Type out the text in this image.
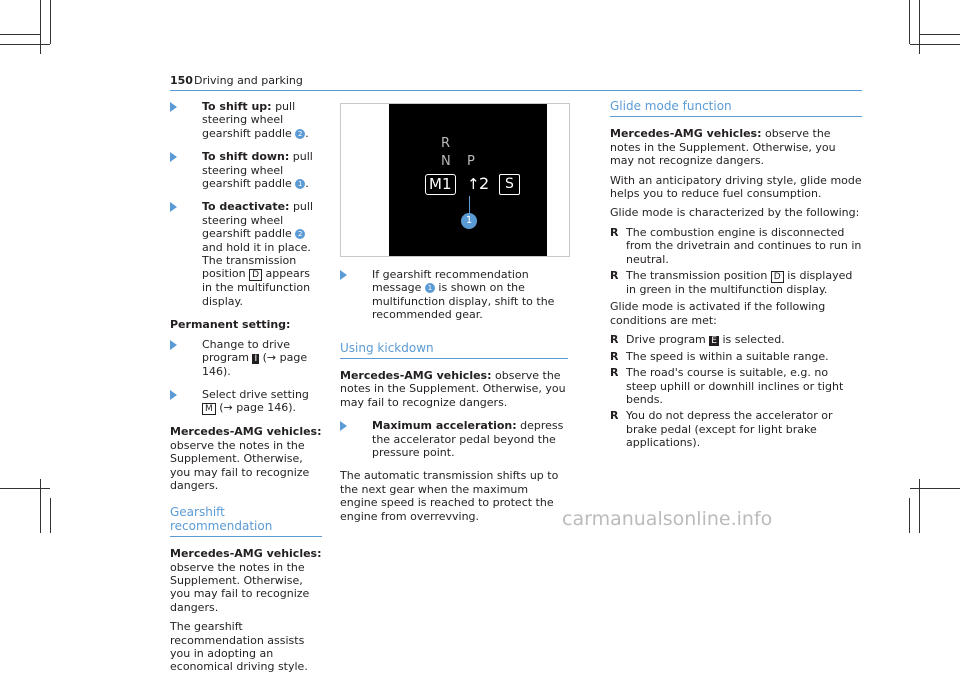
150 Driving and parking
To shift up: pull steering wheel gearshift paddle 2 .
To shift down: pull steering wheel gearshift paddle 1 .
To deactivate: pull steering wheel gearshift paddle 2 and hold it in place.
The transmission position D appears in the multifunction display.

Permanent setting:

Change to drive program I (→ page 146).
Select drive setting M (→ page 146).

Mercedes-AMG vehicles: observe the notes in the Supplement. Otherwise, you may fail to recognize dangers.

Gearshift recommendation

Mercedes-AMG vehicles: observe the notes in the Supplement. Otherwise, you may fail to recognize dangers.

The gearshift recommendation assists you in adopting an economical driving style.

R
N P
M1 ↑ 2	S
1
If gearshift recommendation message 1 is shown on the multifunction display, shift to the recommended gear.
Using kickdown

Mercedes-AMG vehicles: observe the notes in the Supplement. Otherwise, you may fail to recognize dangers.

Maximum acceleration: depress the accelerator pedal beyond the pressure point.

The automatic transmission shifts up to the next gear when the maximum engine speed is reached to protect the engine from overrevving.

Glide mode function

Mercedes-AMG vehicles: observe the notes in the Supplement. Otherwise, you may not recognize dangers.

With an anticipatory driving style, glide mode helps you to reduce fuel consumption.

Glide mode is characterized by the following:

R The combustion engine is disconnected from the drivetrain and continues to run in neutral.
R The transmission position D is displayed in green in the multifunction display.

Glide mode is activated if the following conditions are met:

R Drive program E is selected.
R The speed is within a suitable range.
R The road's course is suitable, e.g. no steep uphill or downhill inclines or tight bends.
R You do not depress the accelerator or brake pedal (except for light brake applications).
carmanualsonline.info
